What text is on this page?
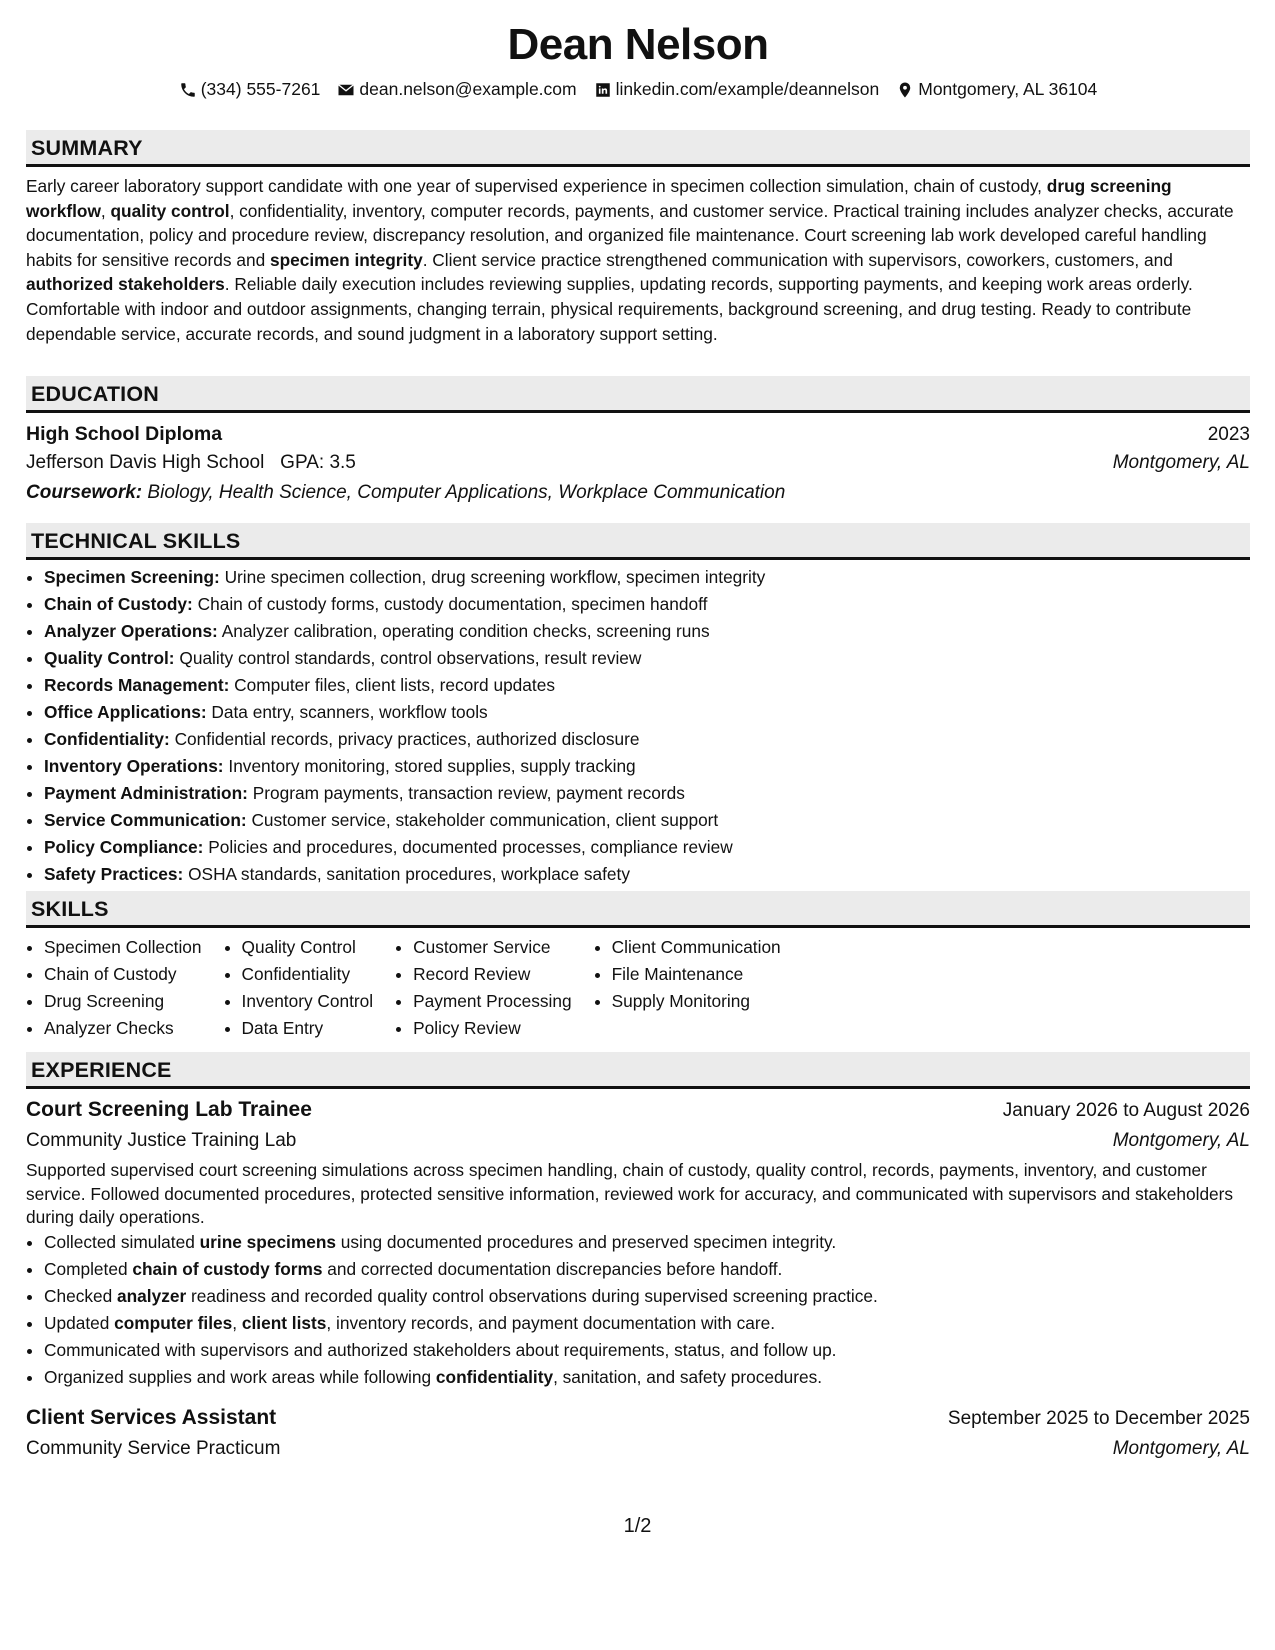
Dean Nelson
(334) 555-7261 dean.nelson@example.com linkedin.com/example/deannelson Montgomery, AL 36104
SUMMARY

Early career laboratory support candidate with one year of supervised experience in specimen collection simulation, chain of custody, drug screening workflow, quality control, confidentiality, inventory, computer records, payments, and customer service. Practical training includes analyzer checks, accurate documentation, policy and procedure review, discrepancy resolution, and organized file maintenance. Court screening lab work developed careful handling habits for sensitive records and specimen integrity. Client service practice strengthened communication with supervisors, coworkers, customers, and authorized stakeholders. Reliable daily execution includes reviewing supplies, updating records, supporting payments, and keeping work areas orderly. Comfortable with indoor and outdoor assignments, changing terrain, physical requirements, background screening, and drug testing. Ready to contribute dependable service, accurate records, and sound judgment in a laboratory support setting.

EDUCATION
High School Diploma	2023
Jefferson Davis High School GPA: 3.5	Montgomery, AL
Coursework: Biology, Health Science, Computer Applications, Workplace Communication
TECHNICAL SKILLS
• Specimen Screening: Urine specimen collection, drug screening workflow, specimen integrity
• Chain of Custody: Chain of custody forms, custody documentation, specimen handoff
• Analyzer Operations: Analyzer calibration, operating condition checks, screening runs
• Quality Control: Quality control standards, control observations, result review
• Records Management: Computer files, client lists, record updates
• Office Applications: Data entry, scanners, workflow tools
• Confidentiality: Confidential records, privacy practices, authorized disclosure
• Inventory Operations: Inventory monitoring, stored supplies, supply tracking
• Payment Administration: Program payments, transaction review, payment records
• Service Communication: Customer service, stakeholder communication, client support
• Policy Compliance: Policies and procedures, documented processes, compliance review
• Safety Practices: OSHA standards, sanitation procedures, workplace safety
SKILLS
• Specimen Collection
• Chain of Custody
• Drug Screening
• Analyzer Checks
• Quality Control
• Confidentiality
• Inventory Control
• Data Entry
• Customer Service
• Record Review
• Payment Processing
• Policy Review
• Client Communication
• File Maintenance
• Supply Monitoring
EXPERIENCE
Court Screening Lab Trainee	January 2026 to August 2026
Community Justice Training Lab	Montgomery, AL

Supported supervised court screening simulations across specimen handling, chain of custody, quality control, records, payments, inventory, and customer service. Followed documented procedures, protected sensitive information, reviewed work for accuracy, and communicated with supervisors and stakeholders during daily operations.

• Collected simulated urine specimens using documented procedures and preserved specimen integrity.
• Completed chain of custody forms and corrected documentation discrepancies before handoff.
• Checked analyzer readiness and recorded quality control observations during supervised screening practice.
• Updated computer files, client lists, inventory records, and payment documentation with care.
• Communicated with supervisors and authorized stakeholders about requirements, status, and follow up.
• Organized supplies and work areas while following confidentiality, sanitation, and safety procedures.
Client Services Assistant	September 2025 to December 2025
Community Service Practicum	Montgomery, AL
1/2
